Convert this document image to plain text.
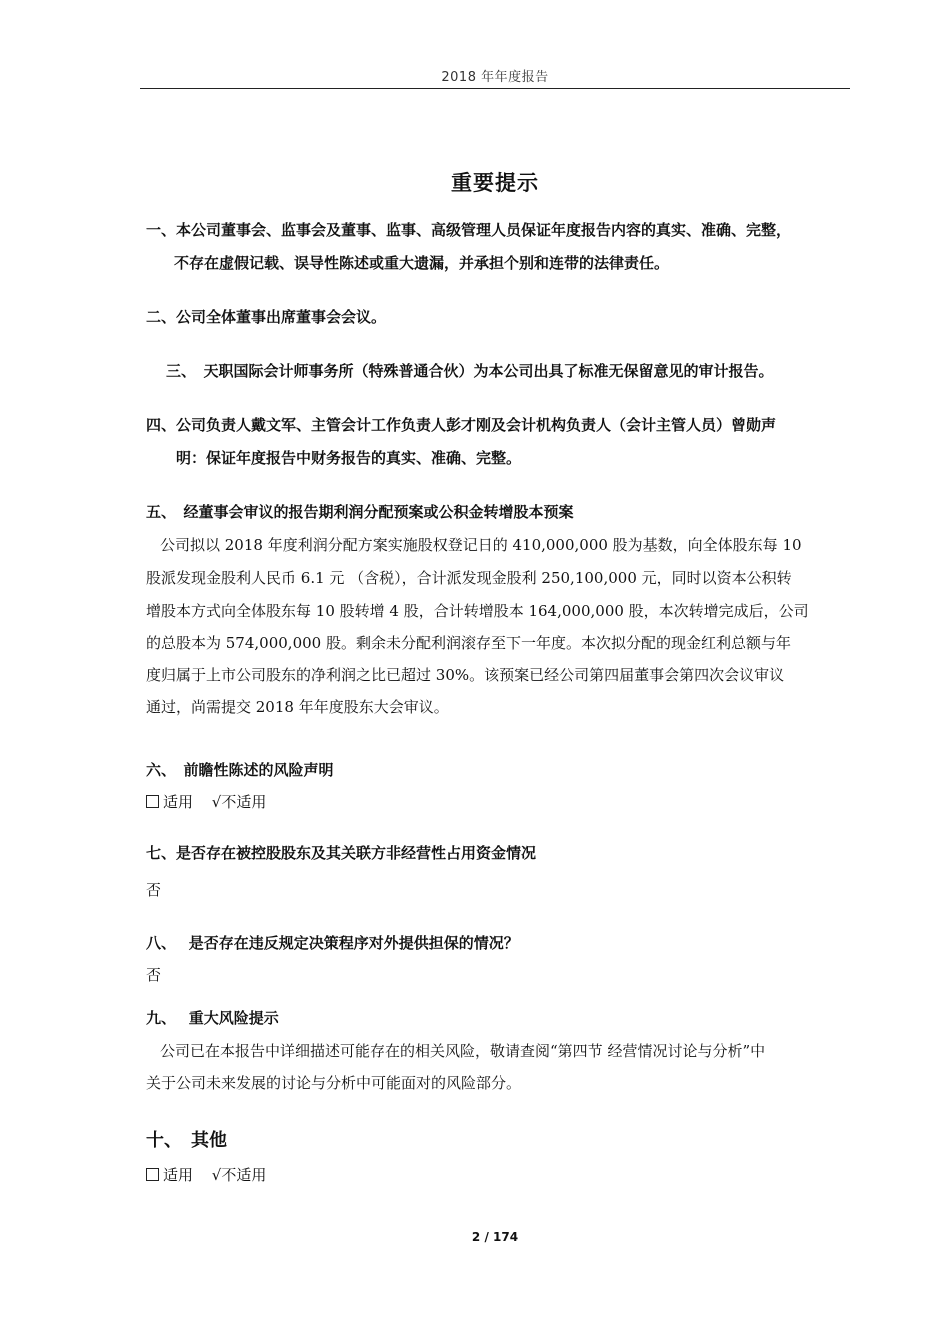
2018 年年度报告
重要提示
一、本公司董事会、监事会及董事、监事、高级管理人员保证年度报告内容的真实、准确、完整，
不存在虚假记载、误导性陈述或重大遗漏，并承担个别和连带的法律责任。
二、公司全体董事出席董事会会议。
三、　天职国际会计师事务所（特殊普通合伙）为本公司出具了标准无保留意见的审计报告。
四、公司负责人戴文军、主管会计工作负责人彭才刚及会计机构负责人（会计主管人员）曾勋声
明：保证年度报告中财务报告的真实、准确、完整。
五、　经董事会审议的报告期利润分配预案或公积金转增股本预案
公司拟以 2018 年度利润分配方案实施股权登记日的 410,000,000 股为基数，向全体股东每 10
股派发现金股利人民币 6.1 元 （含税），合计派发现金股利 250,100,000 元，同时以资本公积转
增股本方式向全体股东每 10 股转增 4 股，合计转增股本 164,000,000 股，本次转增完成后，公司
的总股本为 574,000,000 股。剩余未分配利润滚存至下一年度。本次拟分配的现金红利总额与年
度归属于上市公司股东的净利润之比已超过 30%。该预案已经公司第四届董事会第四次会议审议
通过，尚需提交 2018 年年度股东大会审议。
六、　前瞻性陈述的风险声明
适用 √不适用
七、是否存在被控股股东及其关联方非经营性占用资金情况
否
八、　 是否存在违反规定决策程序对外提供担保的情况？
否
九、　 重大风险提示
公司已在本报告中详细描述可能存在的相关风险，敬请查阅“第四节 经营情况讨论与分析”中
关于公司未来发展的讨论与分析中可能面对的风险部分。
十、　其他
适用 √不适用
2 / 174
